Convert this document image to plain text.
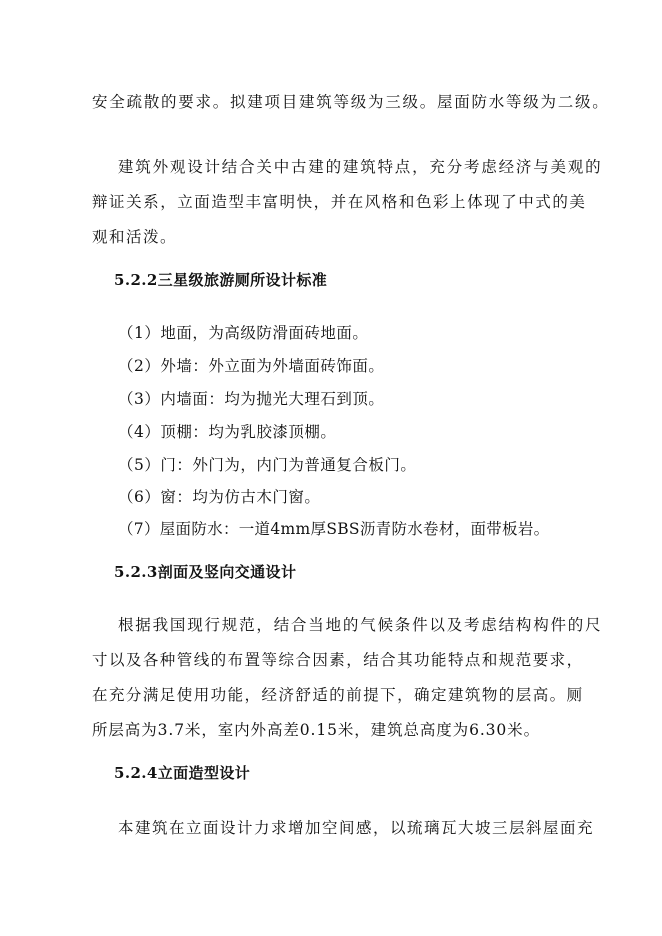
安全疏散的要求。拟建项目建筑等级为三级。屋面防水等级为二级。
建筑外观设计结合关中古建的建筑特点，充分考虑经济与美观的
辩证关系，立面造型丰富明快，并在风格和色彩上体现了中式的美
观和活泼。
5.2.2三星级旅游厕所设计标准
（1）地面，为高级防滑面砖地面。
（2）外墙：外立面为外墙面砖饰面。
（3）内墙面：均为抛光大理石到顶。
（4）顶棚：均为乳胶漆顶棚。
（5）门：外门为，内门为普通复合板门。
（6）窗：均为仿古木门窗。
（7）屋面防水：一道4mm厚SBS沥青防水卷材，面带板岩。
5.2.3剖面及竖向交通设计
根据我国现行规范，结合当地的气候条件以及考虑结构构件的尺
寸以及各种管线的布置等综合因素，结合其功能特点和规范要求，
在充分满足使用功能，经济舒适的前提下，确定建筑物的层高。厕
所层高为3.7米，室内外高差0.15米，建筑总高度为6.30米。
5.2.4立面造型设计
本建筑在立面设计力求增加空间感，以琉璃瓦大坡三层斜屋面充
